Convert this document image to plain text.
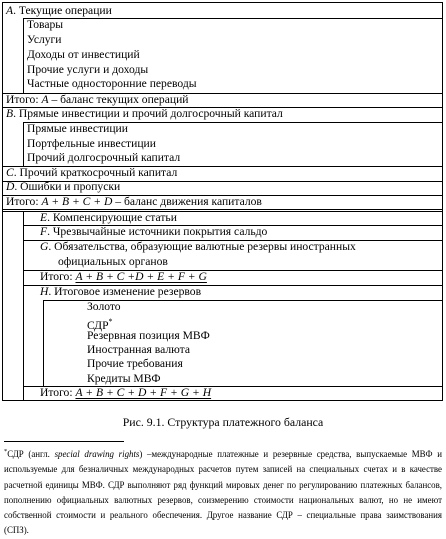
A. Текущие операции
Товары
Услуги
Доходы от инвестиций
Прочие услуги и доходы
Частные односторонние переводы
Итого: A – баланс текущих операций
B. Прямые инвестиции и прочий долгосрочный капитал
Прямые инвестиции
Портфельные инвестиции
Прочий долгосрочный капитал
C. Прочий краткосрочный капитал
D. Ошибки и пропуски
Итого: A + B + C + D – баланс движения капиталов
E. Компенсирующие статьи
F. Чрезвычайные источники покрытия сальдо
G. Обязательства, образующие валютные резервы иностранных
официальных органов
Итого: A + B + C +D + E + F + G
H. Итоговое изменение резервов
Золото
СДР*
Резервная позиция МВФ
Иностранная валюта
Прочие требования
Кредиты МВФ
Итого: A + B + C + D + F + G + H
Рис. 9.1. Структура платежного баланса
*СДР (англ. special drawing rights) –международные платежные и резервные средства, выпускаемые МВФ и используемые для безналичных международных расчетов путем записей на специальных счетах и в качестве расчетной единицы МВФ. СДР выполняют ряд функций мировых денег по регулированию платежных балансов, пополнению официальных валютных резервов, соизмерению стоимости национальных валют, но не имеют собственной стоимости и реального обеспечения. Другое название СДР – специальные права заимствования (СПЗ).
